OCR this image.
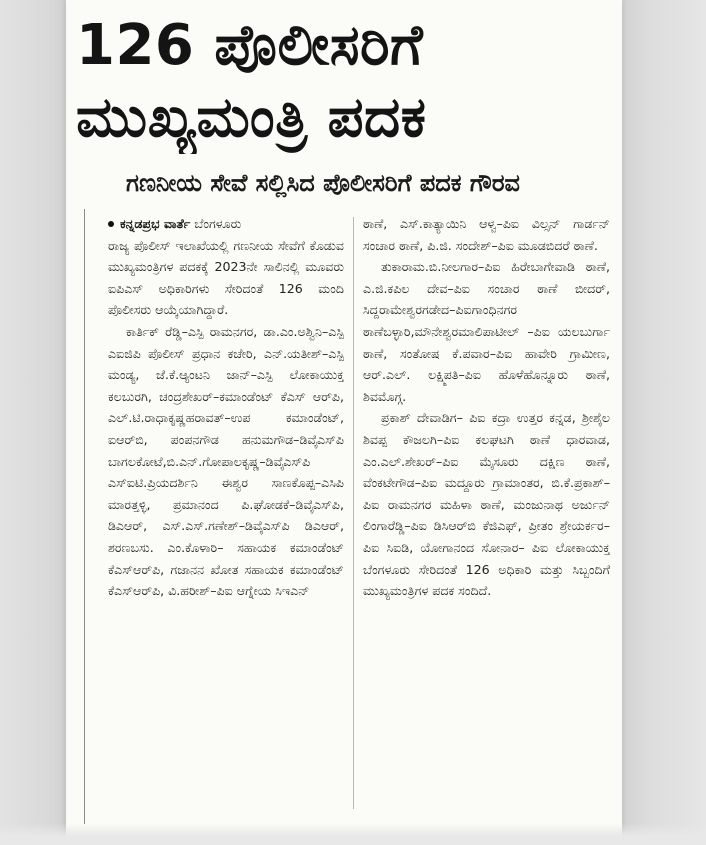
126 ಪೊಲೀಸರಿಗೆ
ಮುಖ್ಯಮಂತ್ರಿ ಪದಕ
ಗಣನೀಯ ಸೇವೆ ಸಲ್ಲಿಸಿದ ಪೊಲೀಸರಿಗೆ ಪದಕ ಗೌರವ

ಕನ್ನಡಪ್ರಭ ವಾರ್ತೆ ಬೆಂಗಳೂರು

ರಾಜ್ಯ ಪೊಲೀಸ್ ಇಲಾಖೆಯಲ್ಲಿ ಗಣನೀಯ ಸೇವೆಗೆ ಕೊಡುವ ಮುಖ್ಯಮಂತ್ರಿಗಳ ಪದಕಕ್ಕೆ 2023ನೇ ಸಾಲಿನಲ್ಲಿ ಮೂವರು ಐಪಿಎಸ್ ಅಧಿಕಾರಿಗಳು ಸೇರಿದಂತೆ 126 ಮಂದಿ ಪೊಲೀಸರು ಆಯ್ಕೆಯಾಗಿದ್ದಾರೆ.

ಕಾರ್ತಿಕ್ ರೆಡ್ಡಿ–ಎಸ್ಪಿ ರಾಮನಗರ, ಡಾ.ಎಂ.ಅಶ್ವಿನಿ–ಎಸ್ಪಿ ಎಐಜಿಪಿ ಪೊಲೀಸ್ ಪ್ರಧಾನ ಕಚೇರಿ, ಎನ್.ಯತೀಶ್–ಎಸ್ಪಿ ಮಂಡ್ಯ, ಜೆ.ಕೆ.ಆ್ಯಂಟನಿ ಜಾನ್–ಎಸ್ಪಿ ಲೋಕಾಯುಕ್ತ ಕಲಬುರಗಿ, ಚಂದ್ರಶೇಖರ್–ಕಮಾಂಡೆಂಟ್ ಕೆಎಸ್ ಆರ್‌ಪಿ, ಎಲ್.ಟಿ.ರಾಧಾಕೃಷ್ಣಹರಾವತ್–ಉಪ ಕಮಾಂಡೆಂಟ್, ಐಆರ್‌ಬಿ, ಪಂಪನಗೌಡ ಹನುಮಗೌಡ–ಡಿವೈಎಸ್‌ಪಿ ಬಾಗಲಕೋಟೆ,ಬಿ.ಎನ್.ಗೋಪಾಲಕೃಷ್ಣ–ಡಿವೈಎಸ್‌ಪಿ ಎಸ್‌ಐಟಿ.ಪ್ರಿಯದರ್ಶಿನಿ ಈಶ್ವರ ಸಾಣಕೊಪ್ಪ–ಎಸಿಪಿ ಮಾರತ್ತಳ್ಳಿ, ಪ್ರಮಾನಂದ ಪಿ.ಘೋಡಕೆ–ಡಿವೈಎಸ್‌ಪಿ, ಡಿಎಆರ್, ಎಸ್.ಎಸ್.ಗಣೇಶ್–ಡಿವೈಎಸ್‌ಪಿ ಡಿಎಆರ್, ಶರಣಬಸು. ಎಂ.ಕೊಳಾರಿ– ಸಹಾಯಕ ಕಮಾಂಡೆಂಟ್ ಕೆಎಸ್‌ಆರ್‌ಪಿ, ಗಜಾನನ ಖೋತ ಸಹಾಯಕ ಕಮಾಂಡೆಂಟ್ ಕೆಎಸ್‌ಆರ್‌ಪಿ, ವಿ.ಹರೀಶ್–ಪಿಐ ಆಗ್ನೇಯ ಸಿಇಎನ್

ಠಾಣೆ, ಎಸ್.ಕಾತ್ಯಾಯಿನಿ ಆಳ್ವ–ಪಿಐ ವಿಲ್ಸನ್ ಗಾರ್ಡನ್ ಸಂಚಾರ ಠಾಣೆ, ಪಿ.ಜಿ. ಸಂದೇಶ್–ಪಿಐ ಮೂಡಬಿದರೆ ಠಾಣೆ.

ತುಕಾರಾಮ.ಬಿ.ನೀಲಗಾರ–ಪಿಐ ಹಿರೇಬಾಗೇವಾಡಿ ಠಾಣೆ, ಎ.ಜಿ.ಕಪಿಲ ದೇವ–ಪಿಐ ಸಂಚಾರ ಠಾಣೆ ಬೀದರ್, ಸಿದ್ದರಾಮೇಶ್ವರಗಡೇದ–ಪಿಐಗಾಂಧಿನಗರ ಠಾಣೆಬಳ್ಳಾರಿ,ಮೌನೇಶ್ವರಮಾಲಿಪಾಟೀಲ್ –ಪಿಐ ಯಲಬುರ್ಗಾ ಠಾಣೆ, ಸಂತೋಷ ಕೆ.ಪವಾರ–ಪಿಐ ಹಾವೇರಿ ಗ್ರಾಮೀಣ, ಆರ್.ಎಲ್. ಲಕ್ಷ್ಮಿಪತಿ–ಪಿಐ ಹೊಳೆಹೊನ್ನೂರು ಠಾಣೆ, ಶಿವಮೊಗ್ಗ.

ಪ್ರಕಾಶ್ ದೇವಾಡಿಗ– ಪಿಐ ಕದ್ರಾ ಉತ್ತರ ಕನ್ನಡ, ಶ್ರೀಶೈಲ ಶಿವಪ್ಪ ಕೌಜಲಗಿ–ಪಿಐ ಕಲಘಟಗಿ ಠಾಣೆ ಧಾರವಾಡ, ಎಂ.ಎಲ್.ಶೇಖರ್–ಪಿಐ ಮೈಸೂರು ದಕ್ಷಿಣ ಠಾಣೆ, ವೆಂಕಟೇಗೌಡ–ಪಿಐ ಮದ್ದೂರು ಗ್ರಾಮಾಂತರ, ಬಿ.ಕೆ.ಪ್ರಕಾಶ್–ಪಿಐ ರಾಮನಗರ ಮಹಿಳಾ ಠಾಣೆ, ಮಂಜುನಾಥ ಅರ್ಜುನ್ ಲಿಂಗಾರೆಡ್ಡಿ–ಪಿಐ ಡಿಸಿಆರ್‌ಬಿ ಕೆಜಿಎಫ್, ಪ್ರೀತಂ ಶ್ರೇಯರ್ಕರ–ಪಿಐ ಸಿಐಡಿ, ಯೋಗಾನಂದ ಸೋನಾರ– ಪಿಐ ಲೋಕಾಯುಕ್ತ ಬೆಂಗಳೂರು ಸೇರಿದಂತೆ 126 ಅಧಿಕಾರಿ ಮತ್ತು ಸಿಬ್ಬಂದಿಗೆ ಮುಖ್ಯಮಂತ್ರಿಗಳ ಪದಕ ಸಂದಿದೆ.
